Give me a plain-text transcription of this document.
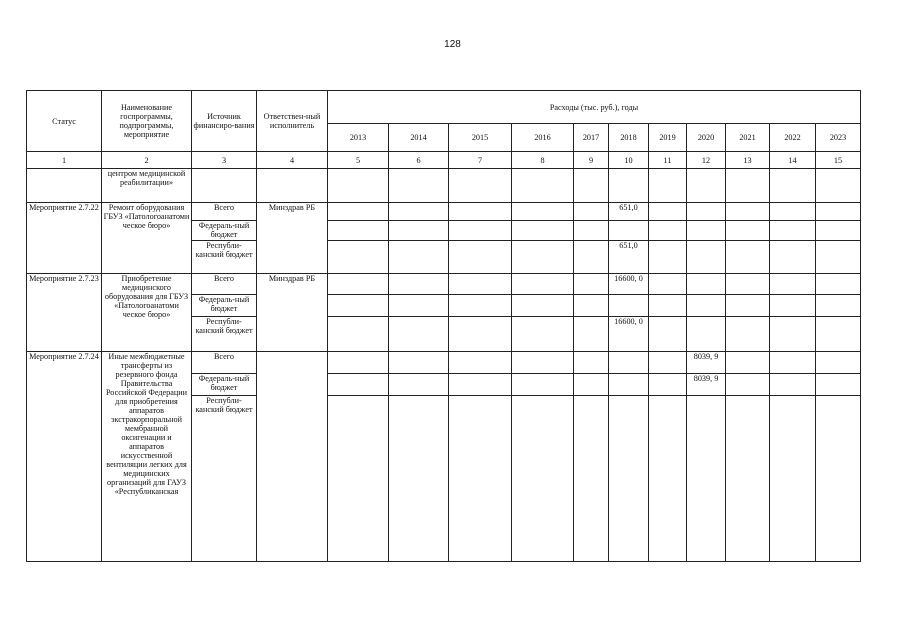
128
Статус	Наименование госпрограммы, подпрограммы, мероприятие	Источник финансиро-вания	Ответствен-ный исполнитель	Расходы (тыс. руб.), годы										
				2013	2014	2015	2016	2017	2018	2019	2020	2021	2022	2023
1	2	3	4	5	6	7	8	9	10	11	12	13	14	15
	центром медицинской реабилитации»													
Мероприятие 2.7.22	Ремонт оборудования ГБУЗ «Патологоанатоми ческое бюро»	Всего	Минздрав РБ						651,0					
		Федераль-ный бюджет												
		Республи-канский бюджет							651,0					
Мероприятие 2.7.23	Приобретение медицинского оборудования для ГБУЗ «Патологоанатоми ческое бюро»	Всего	Минздрав РБ						16600, 0					
		Федераль-ный бюджет												
		Республи-канский бюджет							16600, 0					
Мероприятие 2.7.24	Иные межбюджетные трансферты из резервного фонда Правительства Российской Федерации для приобретения аппаратов экстракорпоральной мембранной оксигенации и аппаратов искусственной вентиляции легких для медицинских организаций для ГАУЗ «Республиканская	Всего									8039, 9			
		Федераль-ный бюджет									8039, 9			
		Республи-канский бюджет												
